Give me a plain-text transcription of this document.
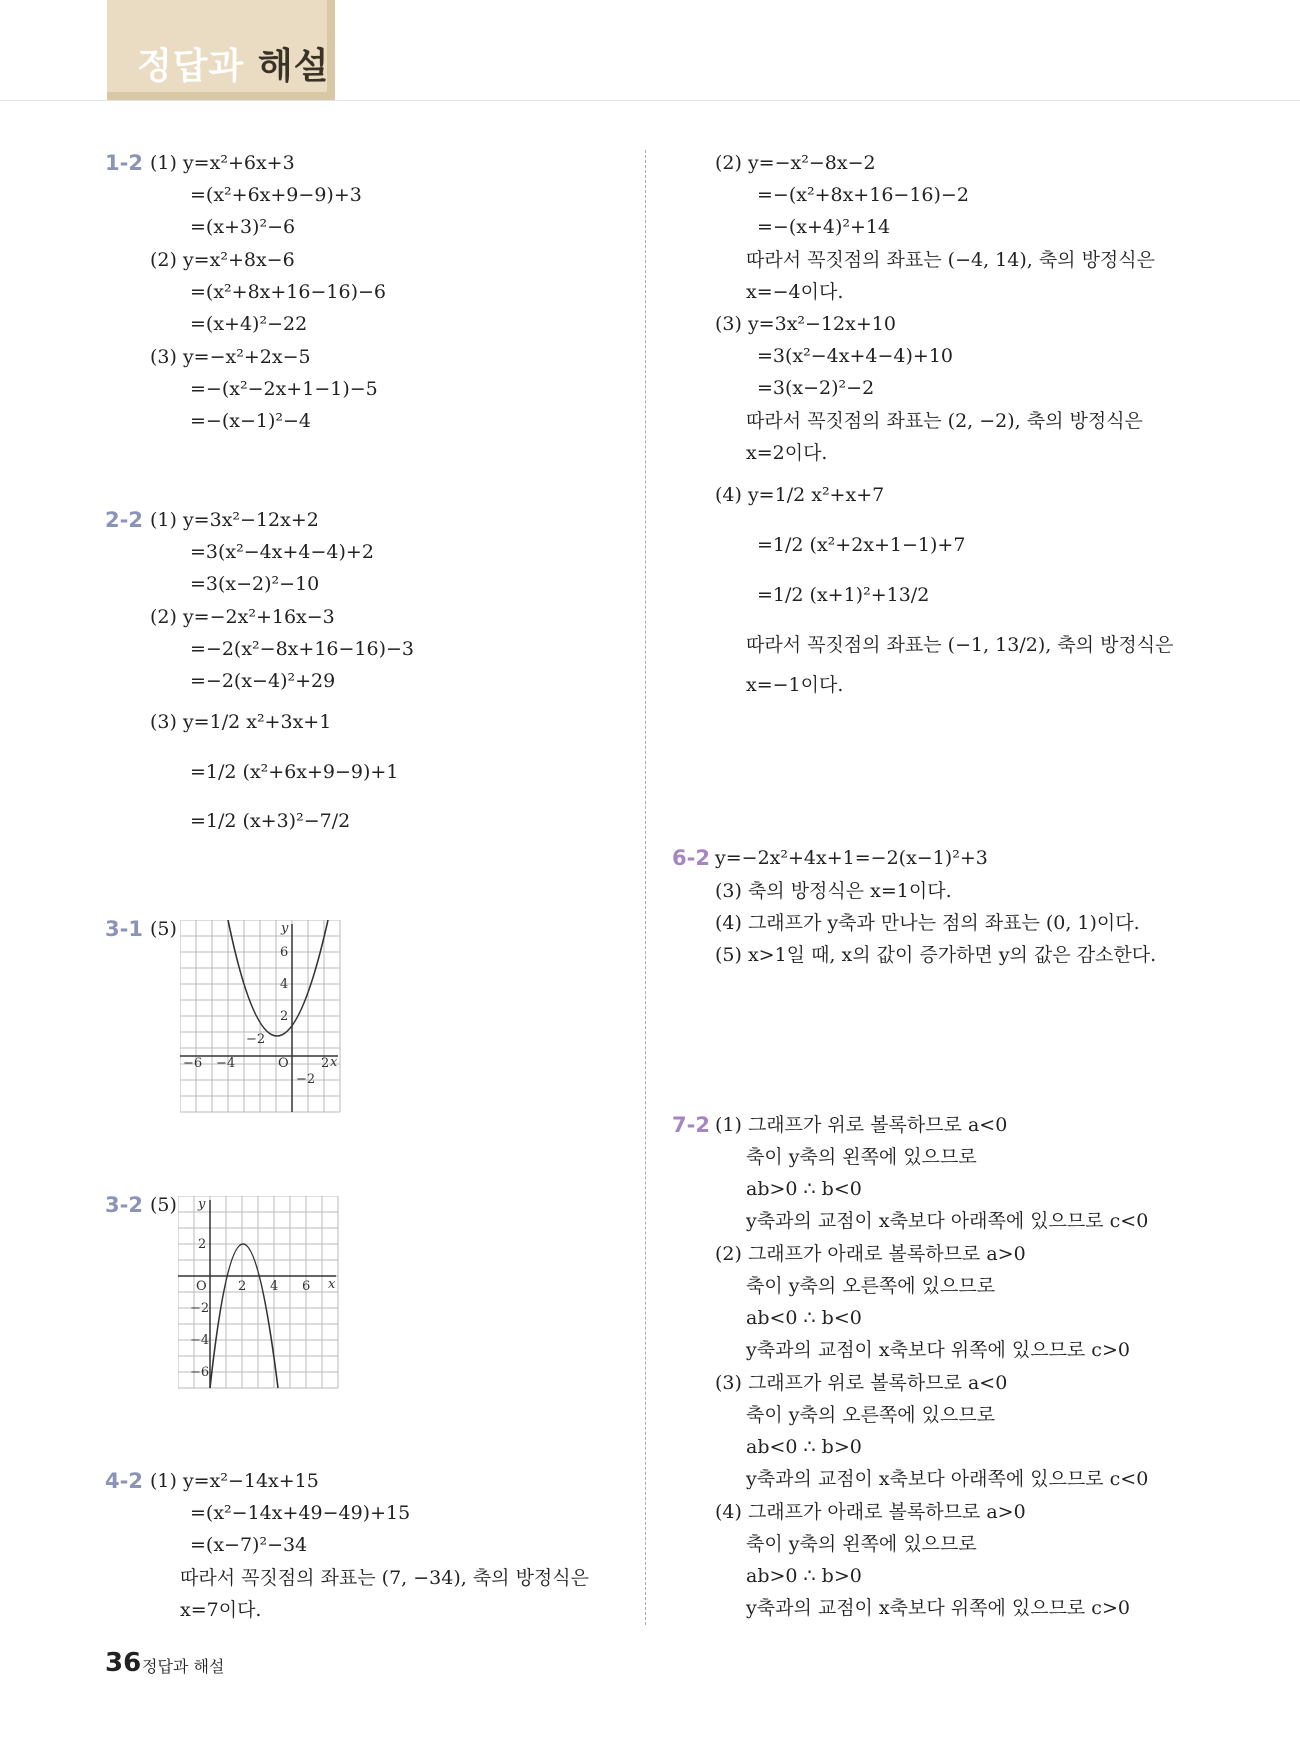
정답과 해설
1-2 (1) y=x²+6x+3
=(x²+6x+9−9)+3
=(x+3)²−6
(2) y=x²+8x−6
=(x²+8x+16−16)−6
=(x+4)²−22
(3) y=−x²+2x−5
=−(x²−2x+1−1)−5
=−(x−1)²−4
2-2 (1) y=3x²−12x+2
=3(x²−4x+4−4)+2
=3(x−2)²−10
(2) y=−2x²+16x−3
=−2(x²−8x+16−16)−3
=−2(x−4)²+29
(3) y=1/2 x²+3x+1
=1/2 (x²+6x+9−9)+1
=1/2 (x+3)²−7/2
3-1 (5)	y
6
4
2
−2
−6 −4	O 2
−2
x
3-2 (5) y
2
O 2 4 6
−2
−4
−6
x
4-2 (1) y=x²−14x+15
=(x²−14x+49−49)+15
=(x−7)²−34
따라서 꼭짓점의 좌표는 (7, −34), 축의 방정식은
x=7이다.
(2) y=−x²−8x−2
=−(x²+8x+16−16)−2
=−(x+4)²+14
따라서 꼭짓점의 좌표는 (−4, 14), 축의 방정식은
x=−4이다.
(3) y=3x²−12x+10
=3(x²−4x+4−4)+10
=3(x−2)²−2
따라서 꼭짓점의 좌표는 (2, −2), 축의 방정식은
x=2이다.
(4) y=1/2 x²+x+7
=1/2 (x²+2x+1−1)+7
=1/2 (x+1)²+13/2
따라서 꼭짓점의 좌표는 (−1, 13/2), 축의 방정식은
x=−1이다.
6-2 y=−2x²+4x+1=−2(x−1)²+3
(3) 축의 방정식은 x=1이다.
(4) 그래프가 y축과 만나는 점의 좌표는 (0, 1)이다.
(5) x>1일 때, x의 값이 증가하면 y의 값은 감소한다.
7-2 (1) 그래프가 위로 볼록하므로 a<0
축이 y축의 왼쪽에 있으므로
ab>0 ∴ b<0
y축과의 교점이 x축보다 아래쪽에 있으므로 c<0
(2) 그래프가 아래로 볼록하므로 a>0
축이 y축의 오른쪽에 있으므로
ab<0 ∴ b<0
y축과의 교점이 x축보다 위쪽에 있으므로 c>0
(3) 그래프가 위로 볼록하므로 a<0
축이 y축의 오른쪽에 있으므로
ab<0 ∴ b>0
y축과의 교점이 x축보다 아래쪽에 있으므로 c<0
(4) 그래프가 아래로 볼록하므로 a>0
축이 y축의 왼쪽에 있으므로
ab>0 ∴ b>0
y축과의 교점이 x축보다 위쪽에 있으므로 c>0
36 정답과 해설
